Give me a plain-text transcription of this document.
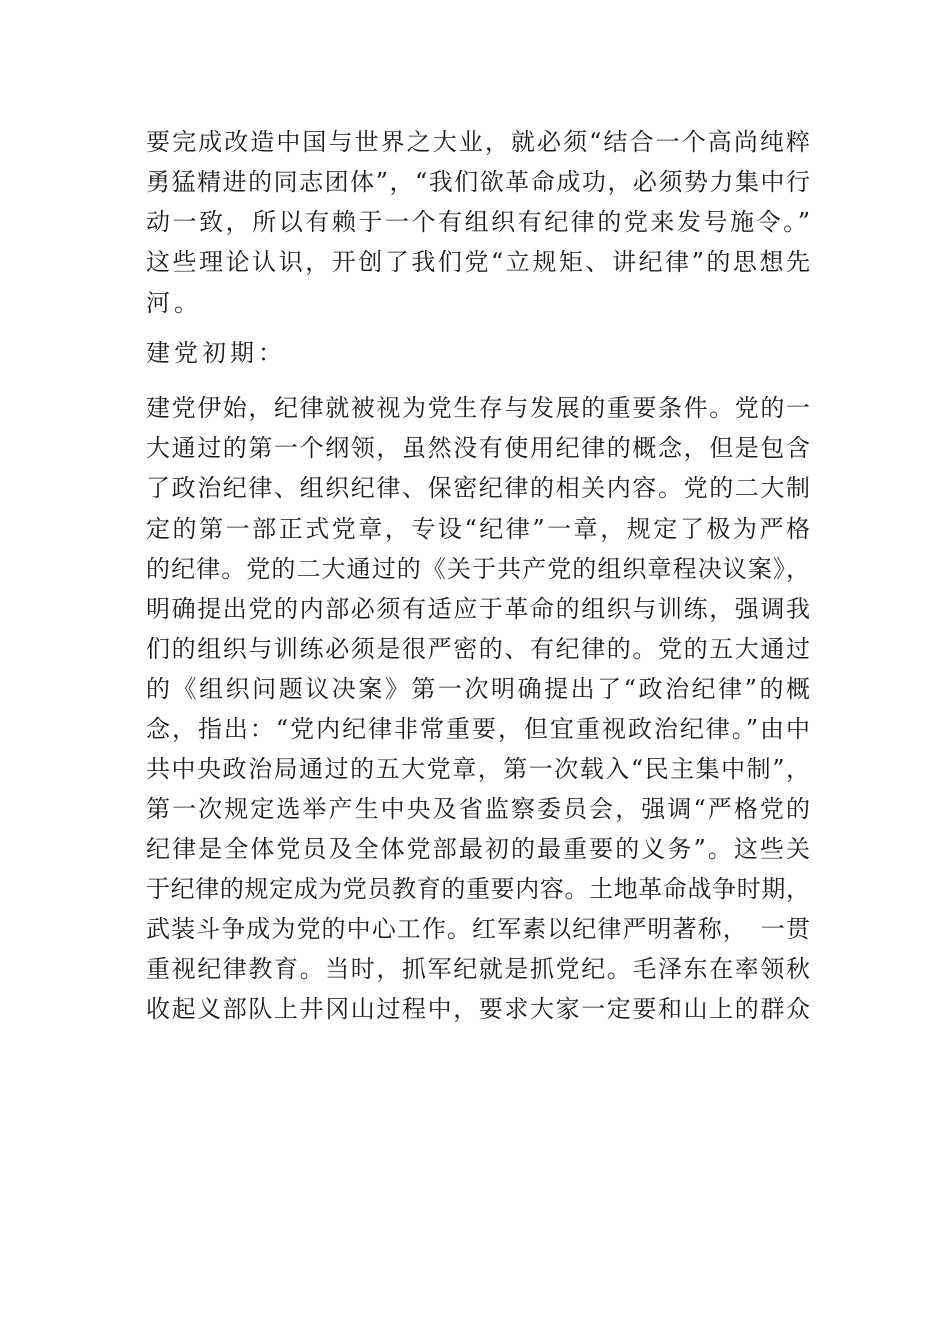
要完成改造中国与世界之大业，就必须“结合一个高尚纯粹
勇猛精进的同志团体”，“我们欲革命成功，必须势力集中行
动一致，所以有赖于一个有组织有纪律的党来发号施令。”
这些理论认识，开创了我们党“立规矩、讲纪律”的思想先
河。
建党初期：
建党伊始，纪律就被视为党生存与发展的重要条件。党的一
大通过的第一个纲领，虽然没有使用纪律的概念，但是包含
了政治纪律、组织纪律、保密纪律的相关内容。党的二大制
定的第一部正式党章，专设“纪律”一章，规定了极为严格
的纪律。党的二大通过的《关于共产党的组织章程决议案》，
明确提出党的内部必须有适应于革命的组织与训练，强调我
们的组织与训练必须是很严密的、有纪律的。党的五大通过
的《组织问题议决案》第一次明确提出了“政治纪律”的概
念，指出：“党内纪律非常重要，但宜重视政治纪律。”由中
共中央政治局通过的五大党章，第一次载入“民主集中制”，
第一次规定选举产生中央及省监察委员会，强调“严格党的
纪律是全体党员及全体党部最初的最重要的义务”。这些关
于纪律的规定成为党员教育的重要内容。土地革命战争时期，
武装斗争成为党的中心工作。红军素以纪律严明著称，　一贯
重视纪律教育。当时，抓军纪就是抓党纪。毛泽东在率领秋
收起义部队上井冈山过程中，要求大家一定要和山上的群众
